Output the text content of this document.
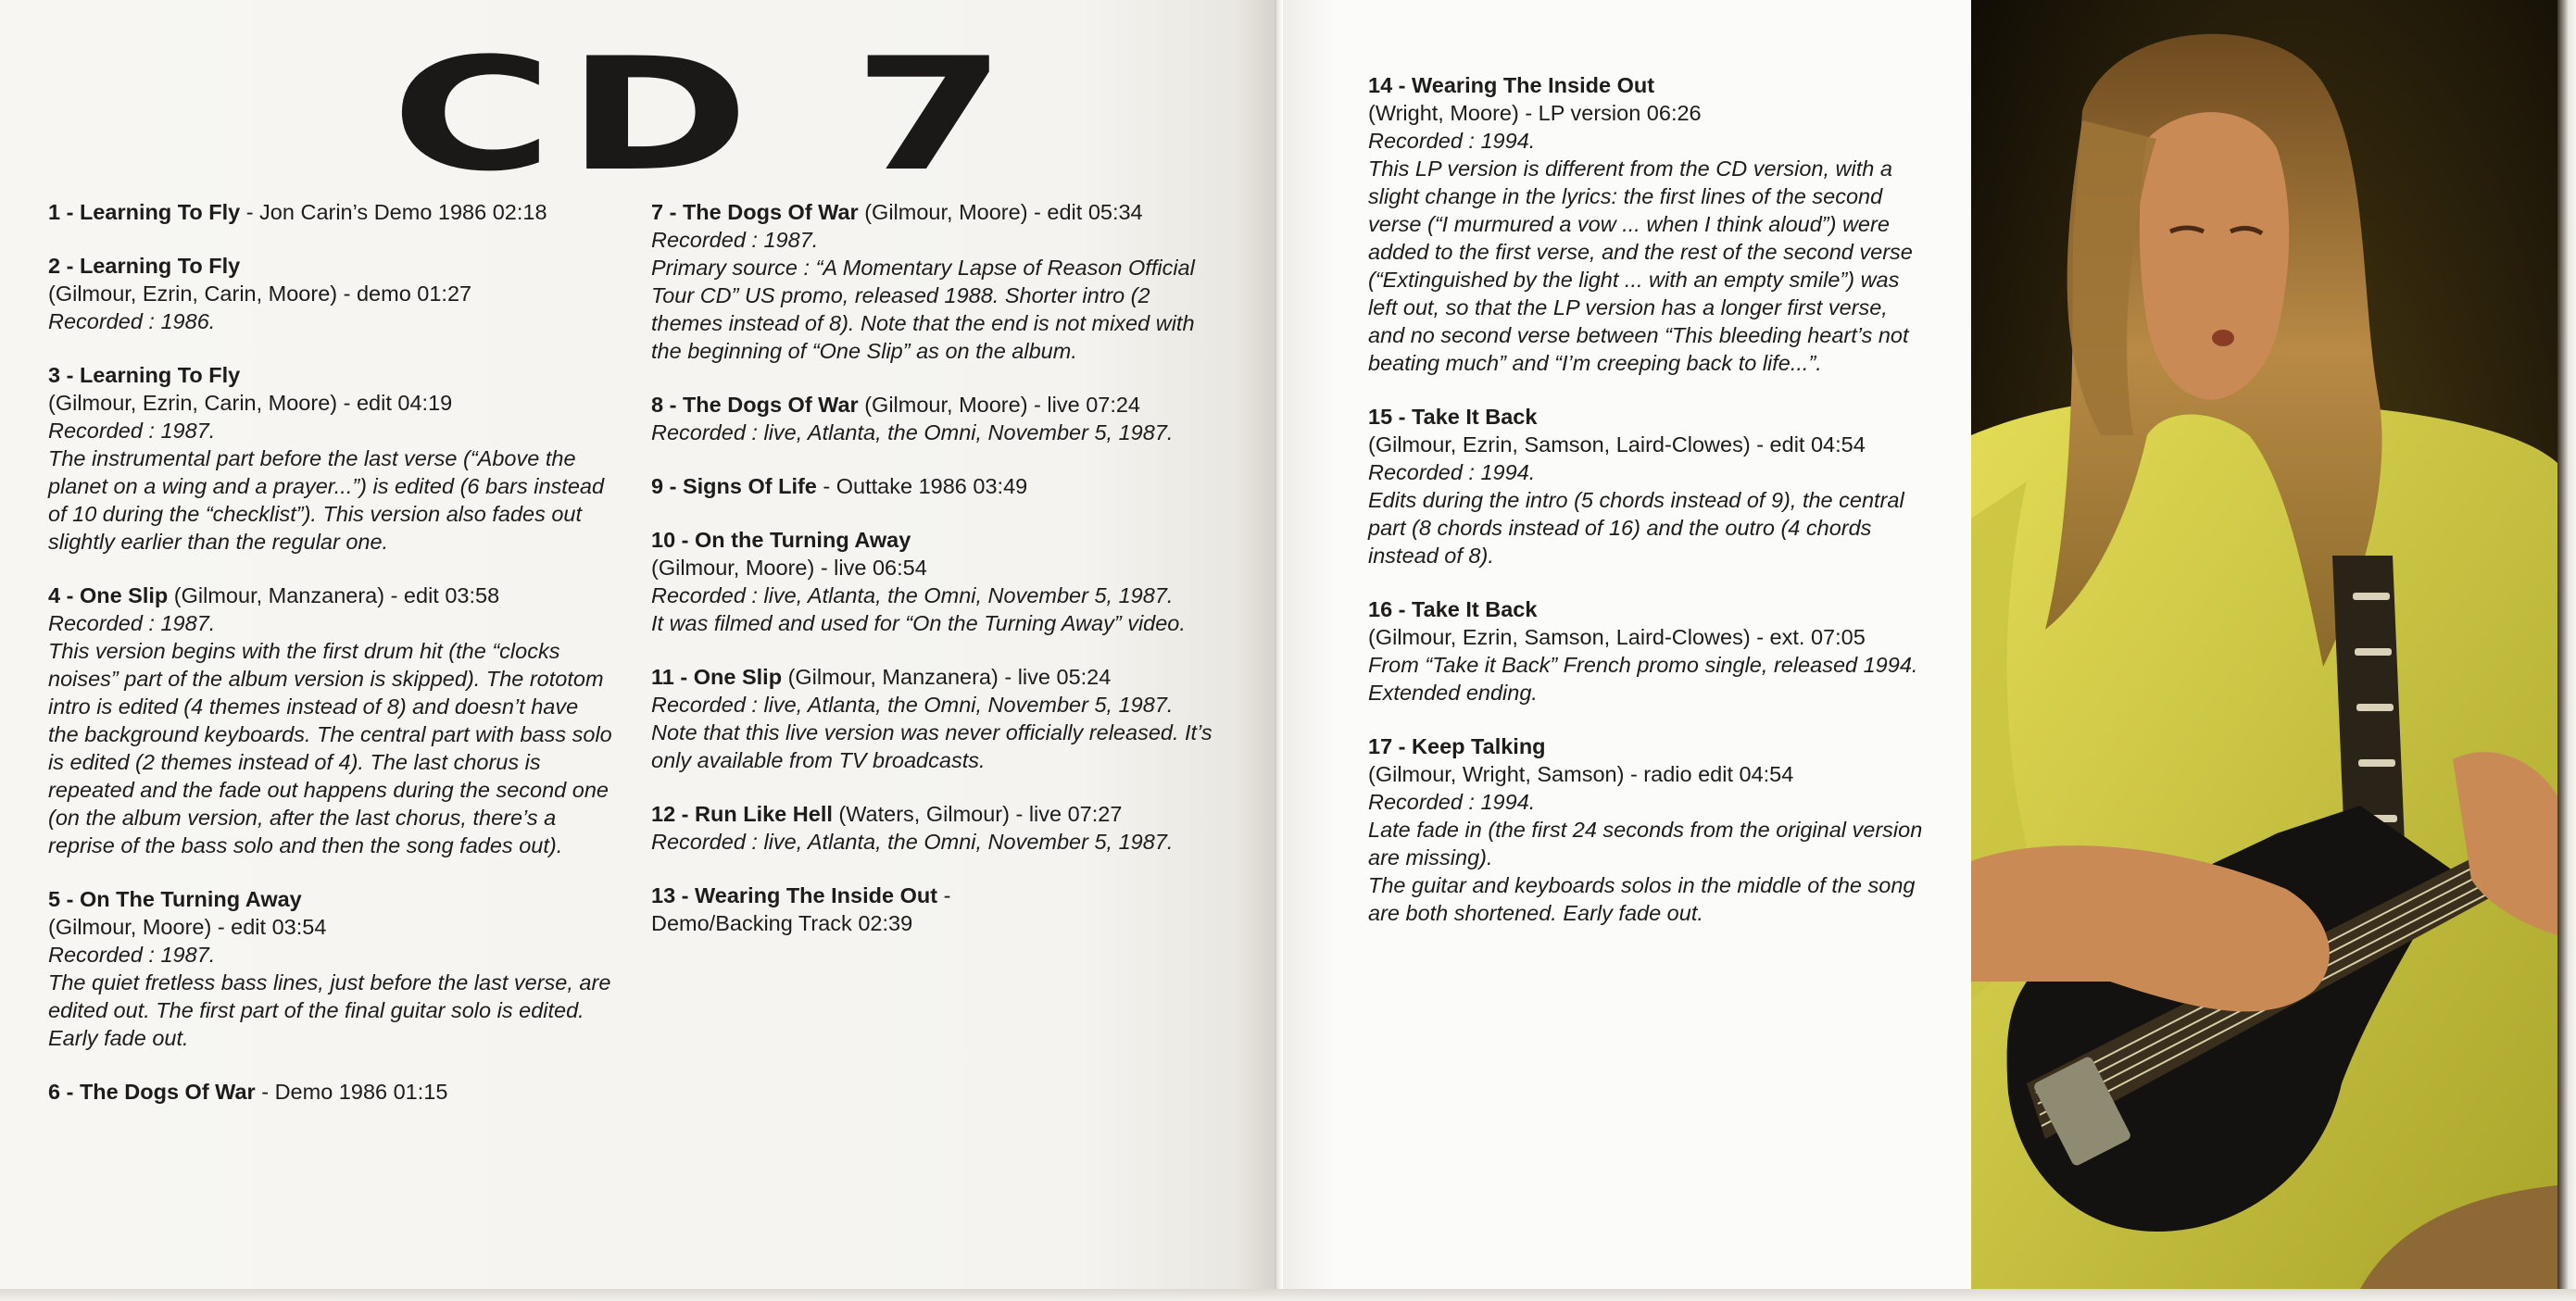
CD 7
1 - Learning To Fly - Jon Carin’s Demo 1986 02:18
2 - Learning To Fly
(Gilmour, Ezrin, Carin, Moore) - demo 01:27
Recorded : 1986.
3 - Learning To Fly
(Gilmour, Ezrin, Carin, Moore) - edit 04:19
Recorded : 1987.
The instrumental part before the last verse (“Above the planet on a wing and a prayer...”) is edited (6 bars instead of 10 during the “checklist”). This version also fades out slightly earlier than the regular one.
4 - One Slip (Gilmour, Manzanera) - edit 03:58
Recorded : 1987.
This version begins with the first drum hit (the “clocks noises” part of the album version is skipped). The rototom intro is edited (4 themes instead of 8) and doesn’t have the background keyboards. The central part with bass solo is edited (2 themes instead of 4). The last chorus is repeated and the fade out happens during the second one (on the album version, after the last chorus, there’s a reprise of the bass solo and then the song fades out).
5 - On The Turning Away
(Gilmour, Moore) - edit 03:54
Recorded : 1987.
The quiet fretless bass lines, just before the last verse, are edited out. The first part of the final guitar solo is edited. Early fade out.
6 - The Dogs Of War - Demo 1986 01:15
7 - The Dogs Of War (Gilmour, Moore) - edit 05:34
Recorded : 1987.
Primary source : “A Momentary Lapse of Reason Official Tour CD” US promo, released 1988. Shorter intro (2 themes instead of 8). Note that the end is not mixed with the beginning of “One Slip” as on the album.
8 - The Dogs Of War (Gilmour, Moore) - live 07:24
Recorded : live, Atlanta, the Omni, November 5, 1987.
9 - Signs Of Life - Outtake 1986 03:49
10 - On the Turning Away
(Gilmour, Moore) - live 06:54
Recorded : live, Atlanta, the Omni, November 5, 1987.
It was filmed and used for “On the Turning Away” video.
11 - One Slip (Gilmour, Manzanera) - live 05:24
Recorded : live, Atlanta, the Omni, November 5, 1987.
Note that this live version was never officially released. It’s only available from TV broadcasts.
12 - Run Like Hell (Waters, Gilmour) - live 07:27
Recorded : live, Atlanta, the Omni, November 5, 1987.
13 - Wearing The Inside Out -
Demo/Backing Track 02:39
14 - Wearing The Inside Out
(Wright, Moore) - LP version 06:26
Recorded : 1994.
This LP version is different from the CD version, with a slight change in the lyrics: the first lines of the second verse (“I murmured a vow ... when I think aloud”) were added to the first verse, and the rest of the second verse (“Extinguished by the light ... with an empty smile”) was left out, so that the LP version has a longer first verse, and no second verse between “This bleeding heart’s not beating much” and “I’m creeping back to life...”.
15 - Take It Back
(Gilmour, Ezrin, Samson, Laird-Clowes) - edit 04:54
Recorded : 1994.
Edits during the intro (5 chords instead of 9), the central part (8 chords instead of 16) and the outro (4 chords instead of 8).
16 - Take It Back
(Gilmour, Ezrin, Samson, Laird-Clowes) - ext. 07:05
From “Take it Back” French promo single, released 1994. Extended ending.
17 - Keep Talking
(Gilmour, Wright, Samson) - radio edit 04:54
Recorded : 1994.
Late fade in (the first 24 seconds from the original version are missing).
The guitar and keyboards solos in the middle of the song are both shortened. Early fade out.
